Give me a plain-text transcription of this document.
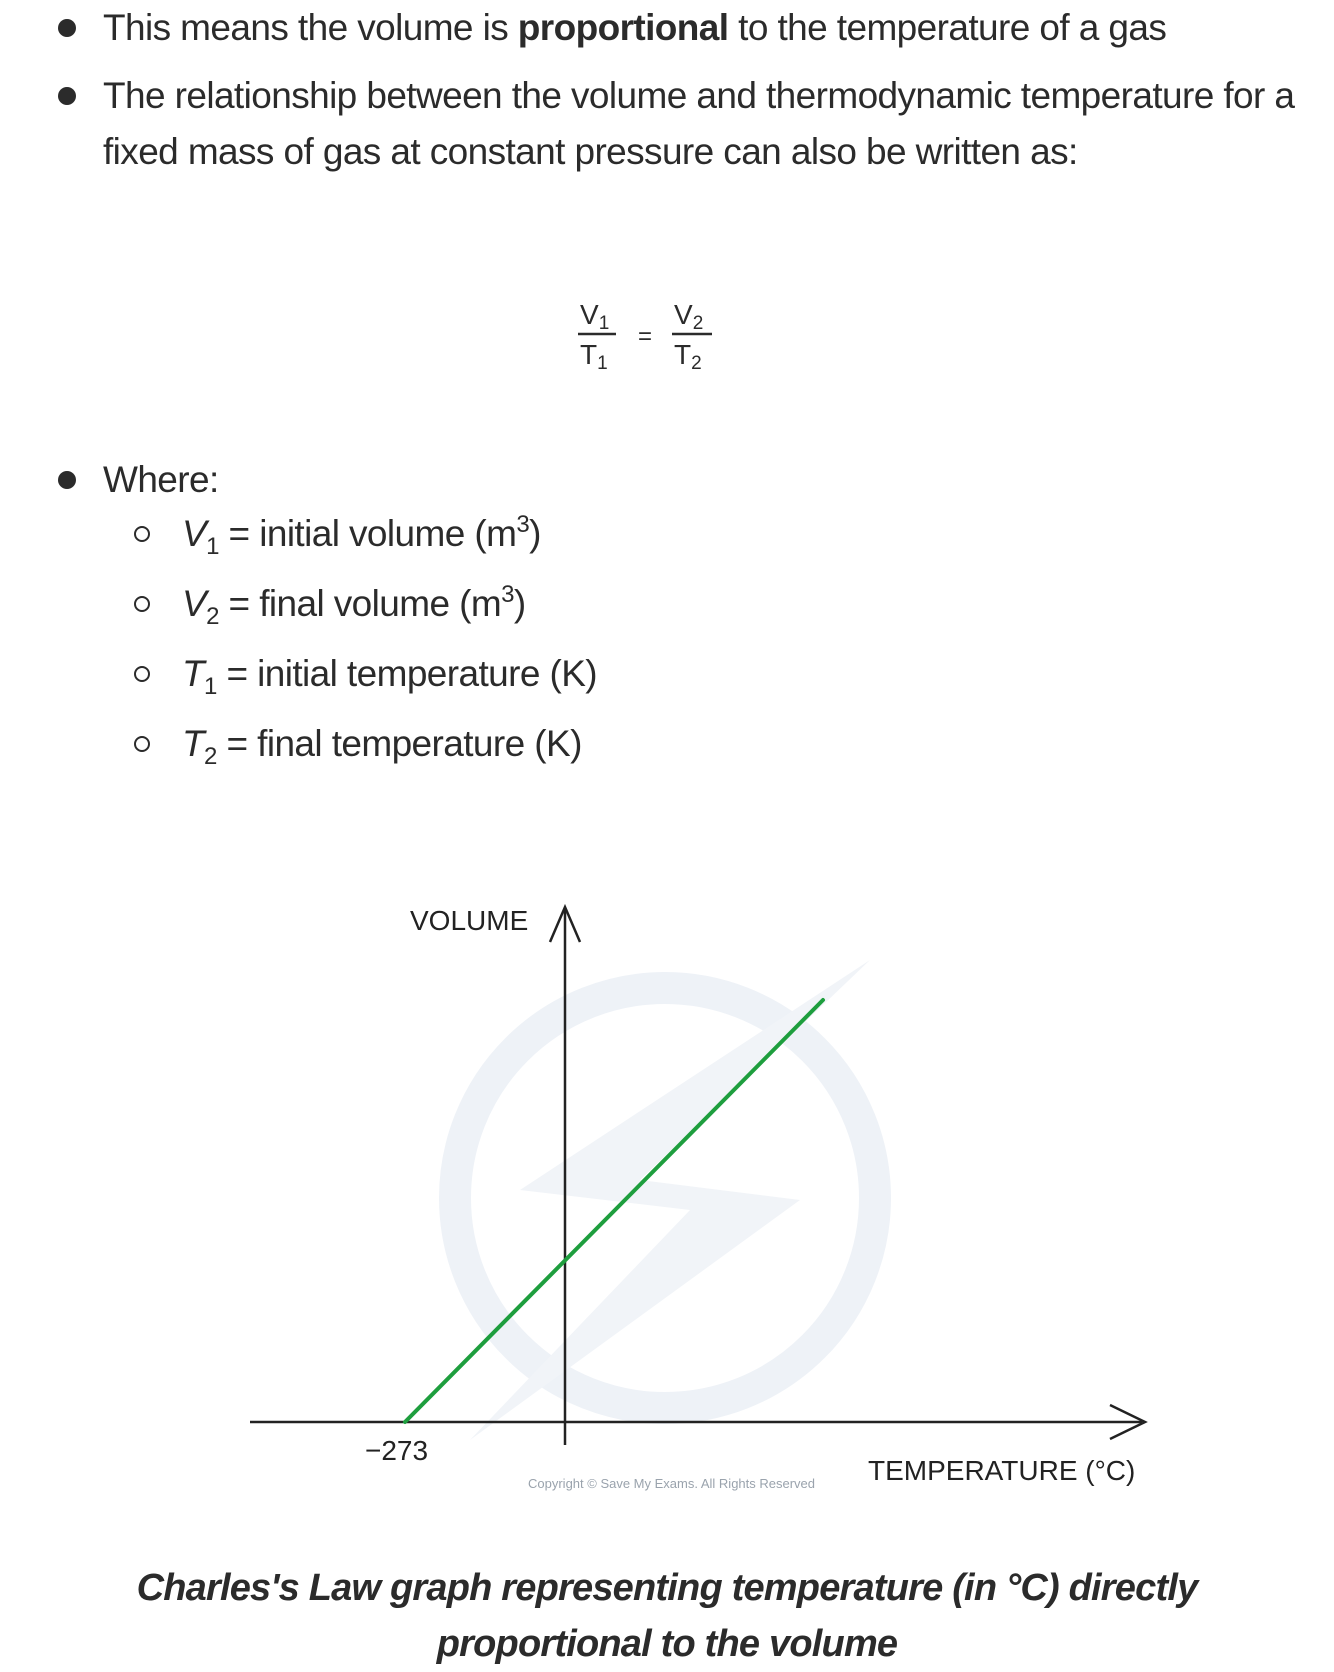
This means the volume is proportional to the temperature of a gas
The relationship between the volume and thermodynamic temperature for a fixed mass of gas at constant pressure can also be written as:
V1
T1
=
V2
T2
Where:
$V_1$ = initial volume $(m^3)$
$V_2$ = final volume $(m^3)$
$T_1$ = initial temperature (K)
$T_2$ = final temperature (K)
VOLUME
−273
TEMPERATURE (°C)
Copyright © Save My Exams. All Rights Reserved
Charles's Law graph representing temperature (in °C) directly proportional to the volume
